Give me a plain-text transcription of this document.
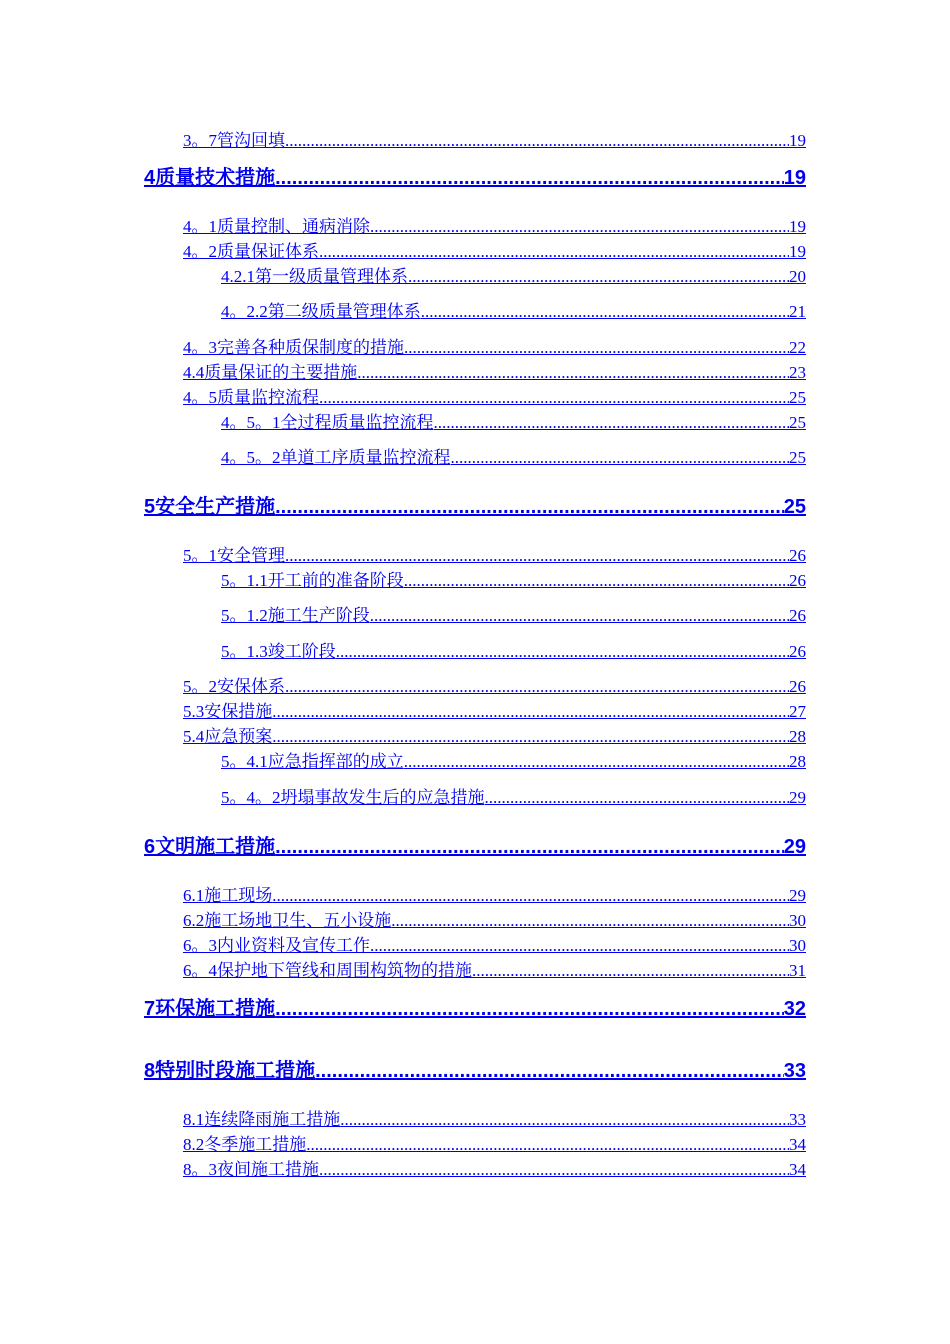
3。7管沟回填 .....	19
4质量技术措施 .....	19
4。1质量控制、通病消除 .....	19
4。2质量保证体系 .....	19
4.2.1第一级质量管理体系 .....	20
4。2.2第二级质量管理体系 .....	21
4。3完善各种质保制度的措施 .....	22
4.4质量保证的主要措施 .....	23
4。5质量监控流程 .....	25
4。5。1全过程质量监控流程 .....	25
4。5。2单道工序质量监控流程 .....	25
5安全生产措施 .....	25
5。1安全管理 .....	26
5。1.1开工前的准备阶段 .....	26
5。1.2施工生产阶段 .....	26
5。1.3竣工阶段 .....	26
5。2安保体系 .....	26
5.3安保措施 .....	27
5.4应急预案 .....	28
5。4.1应急指挥部的成立 .....	28
5。4。2坍塌事故发生后的应急措施 .....	29
6文明施工措施 .....	29
6.1施工现场 .....	29
6.2施工场地卫生、五小设施 .....	30
6。3内业资料及宣传工作 .....	30
6。4保护地下管线和周围构筑物的措施 .....	31
7环保施工措施 .....	32
8特别时段施工措施 .....	33
8.1连续降雨施工措施 .....	33
8.2冬季施工措施 .....	34
8。3夜间施工措施 .....	34
